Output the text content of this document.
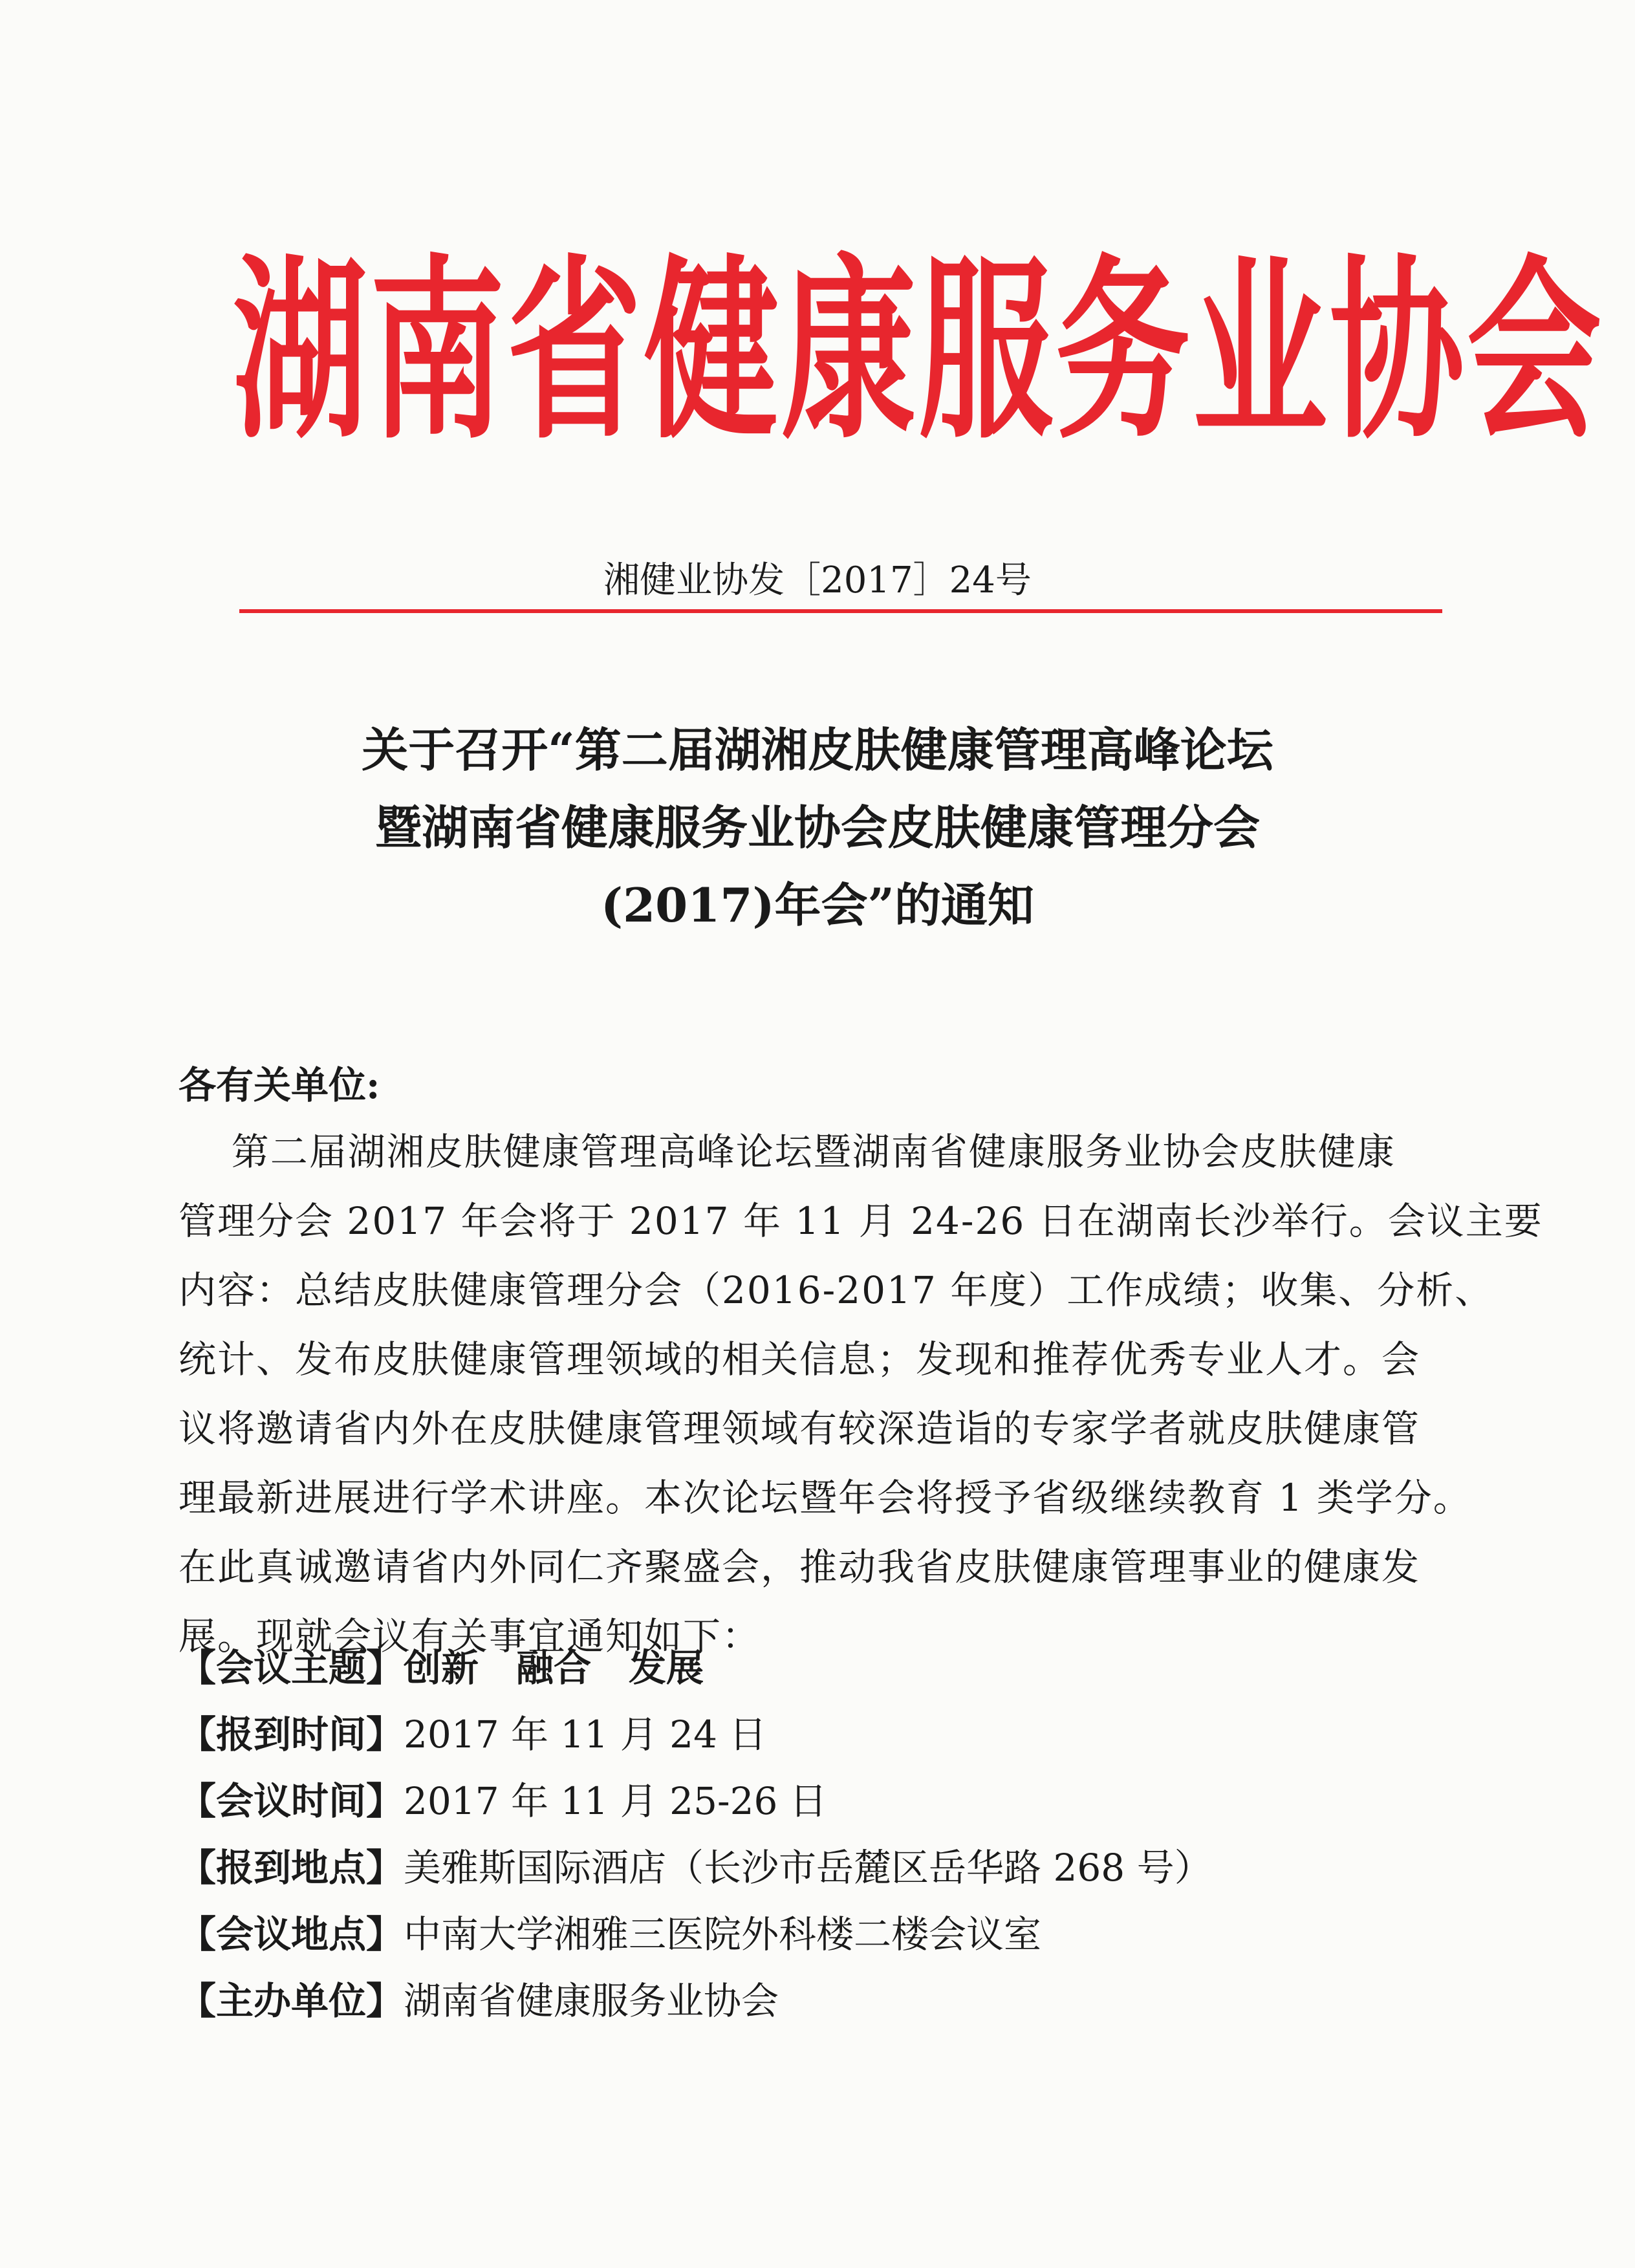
湖南省健康服务业协会
湘健业协发［2017］24号
关于召开“第二届湖湘皮肤健康管理高峰论坛
暨湖南省健康服务业协会皮肤健康管理分会
(2017)年会”的通知
各有关单位:
第二届湖湘皮肤健康管理高峰论坛暨湖南省健康服务业协会皮肤健康
管理分会 2017 年会将于 2017 年 11 月 24-26 日在湖南长沙举行。会议主要
内容：总结皮肤健康管理分会（2016-2017 年度）工作成绩；收集、分析、
统计、发布皮肤健康管理领域的相关信息；发现和推荐优秀专业人才。会
议将邀请省内外在皮肤健康管理领域有较深造诣的专家学者就皮肤健康管
理最新进展进行学术讲座。本次论坛暨年会将授予省级继续教育 1 类学分。
在此真诚邀请省内外同仁齐聚盛会，推动我省皮肤健康管理事业的健康发
展。现就会议有关事宜通知如下：
【会议主题】创新　融合　发展
【报到时间】2017 年 11 月 24 日
【会议时间】2017 年 11 月 25-26 日
【报到地点】美雅斯国际酒店（长沙市岳麓区岳华路 268 号）
【会议地点】中南大学湘雅三医院外科楼二楼会议室
【主办单位】湖南省健康服务业协会
